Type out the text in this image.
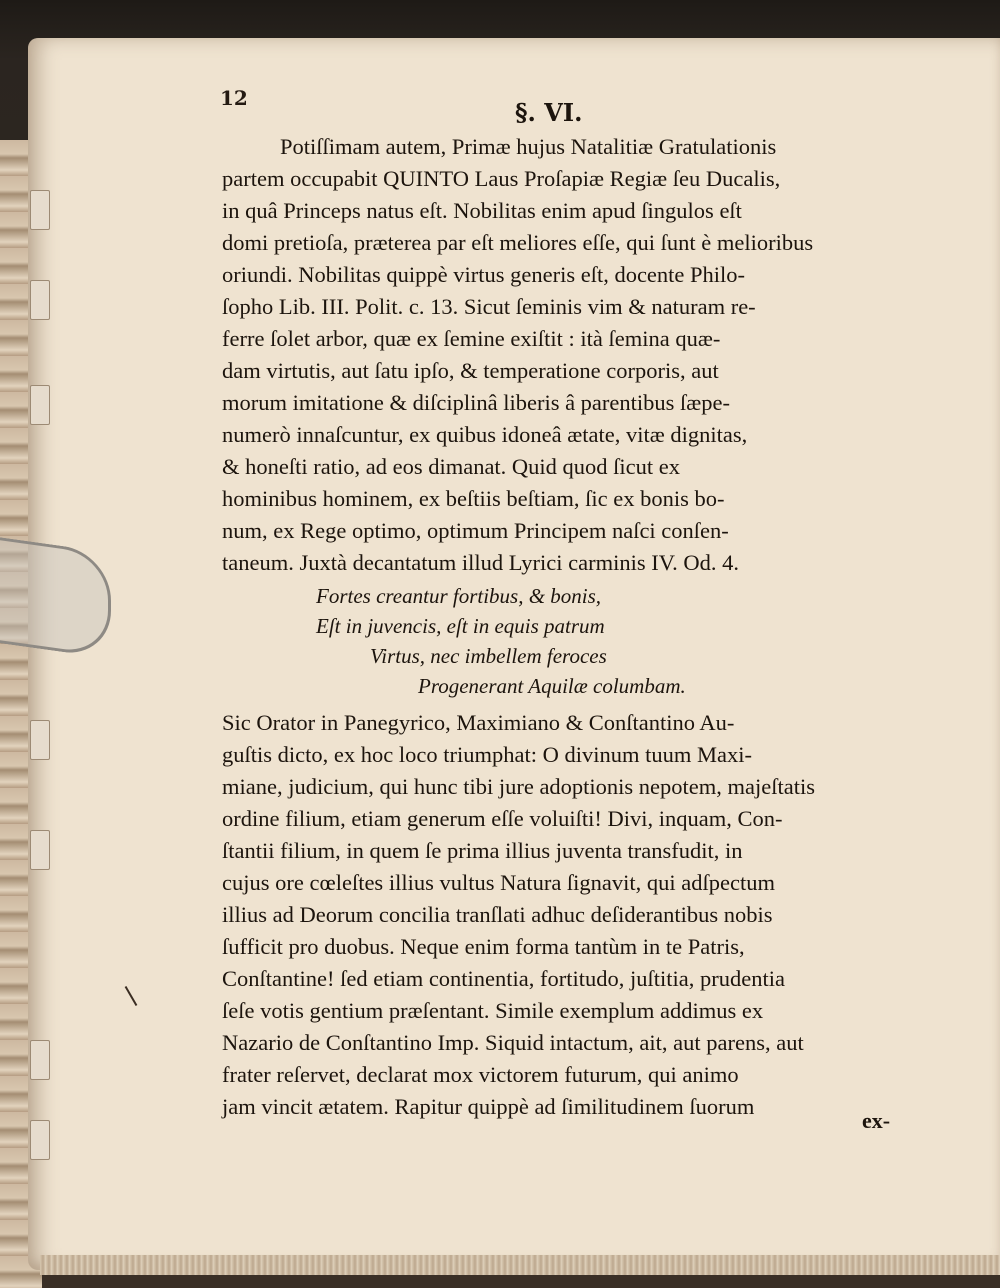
12	§. VI.
Potiſſimam autem, Primæ hujus Natalitiæ Gratulationis
partem occupabit QUINTO Laus Proſapiæ Regiæ ſeu Ducalis,
in quâ Princeps natus eſt. Nobilitas enim apud ſingulos eſt
domi pretioſa, præterea par eſt meliores eſſe, qui ſunt è melioribus
oriundi. Nobilitas quippè virtus generis eſt, docente Philo-
ſopho Lib. III. Polit. c. 13. Sicut ſeminis vim & naturam re-
ferre ſolet arbor, quæ ex ſemine exiſtit : ità ſemina quæ-
dam virtutis, aut ſatu ipſo, & temperatione corporis, aut
morum imitatione & diſciplinâ liberis â parentibus ſæpe-
numerò innaſcuntur, ex quibus idoneâ ætate, vitæ dignitas,
& honeſti ratio, ad eos dimanat. Quid quod ſicut ex
hominibus hominem, ex beſtiis beſtiam, ſic ex bonis bo-
num, ex Rege optimo, optimum Principem naſci conſen-
taneum. Juxtà decantatum illud Lyrici carminis IV. Od. 4.
Fortes creantur fortibus, & bonis,
Eſt in juvencis, eſt in equis patrum
Virtus, nec imbellem feroces
Progenerant Aquilæ columbam.
Sic Orator in Panegyrico, Maximiano & Conſtantino Au-
guſtis dicto, ex hoc loco triumphat: O divinum tuum Maxi-
miane, judicium, qui hunc tibi jure adoptionis nepotem, majeſtatis
ordine filium, etiam generum eſſe voluiſti! Divi, inquam, Con-
ſtantii filium, in quem ſe prima illius juventa transfudit, in
cujus ore cœleſtes illius vultus Natura ſignavit, qui adſpectum
illius ad Deorum concilia tranſlati adhuc deſiderantibus nobis
ſufficit pro duobus. Neque enim forma tantùm in te Patris,
Conſtantine! ſed etiam continentia, fortitudo, juſtitia, prudentia
ſeſe votis gentium præſentant. Simile exemplum addimus ex
Nazario de Conſtantino Imp. Siquid intactum, ait, aut parens, aut
frater reſervet, declarat mox victorem futurum, qui animo
jam vincit ætatem. Rapitur quippè ad ſimilitudinem ſuorum
ex-
